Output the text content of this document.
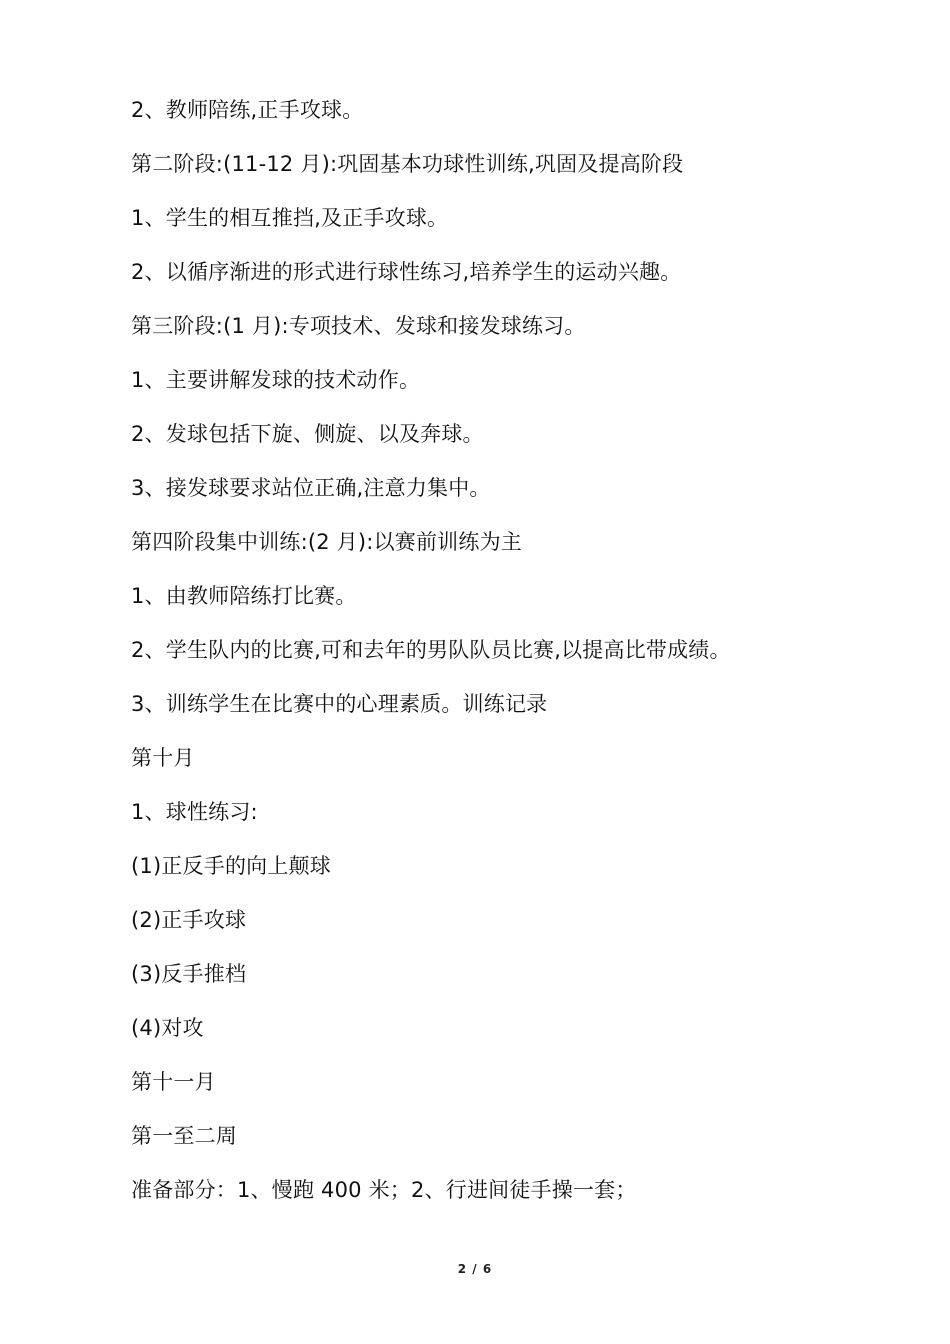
2、教师陪练,正手攻球。
第二阶段:(11-12 月):巩固基本功球性训练,巩固及提高阶段
1、学生的相互推挡,及正手攻球。
2、以循序渐进的形式进行球性练习,培养学生的运动兴趣。
第三阶段:(1 月):专项技术、发球和接发球练习。
1、主要讲解发球的技术动作。
2、发球包括下旋、侧旋、以及奔球。
3、接发球要求站位正确,注意力集中。
第四阶段集中训练:(2 月):以赛前训练为主
1、由教师陪练打比赛。
2、学生队内的比赛,可和去年的男队队员比赛,以提高比带成绩。
3、训练学生在比赛中的心理素质。训练记录
第十月
1、球性练习:
(1)正反手的向上颠球
(2)正手攻球
(3)反手推档
(4)对攻
第十一月
第一至二周
准备部分：1、慢跑 400 米；2、行进间徒手操一套；
2 / 6
